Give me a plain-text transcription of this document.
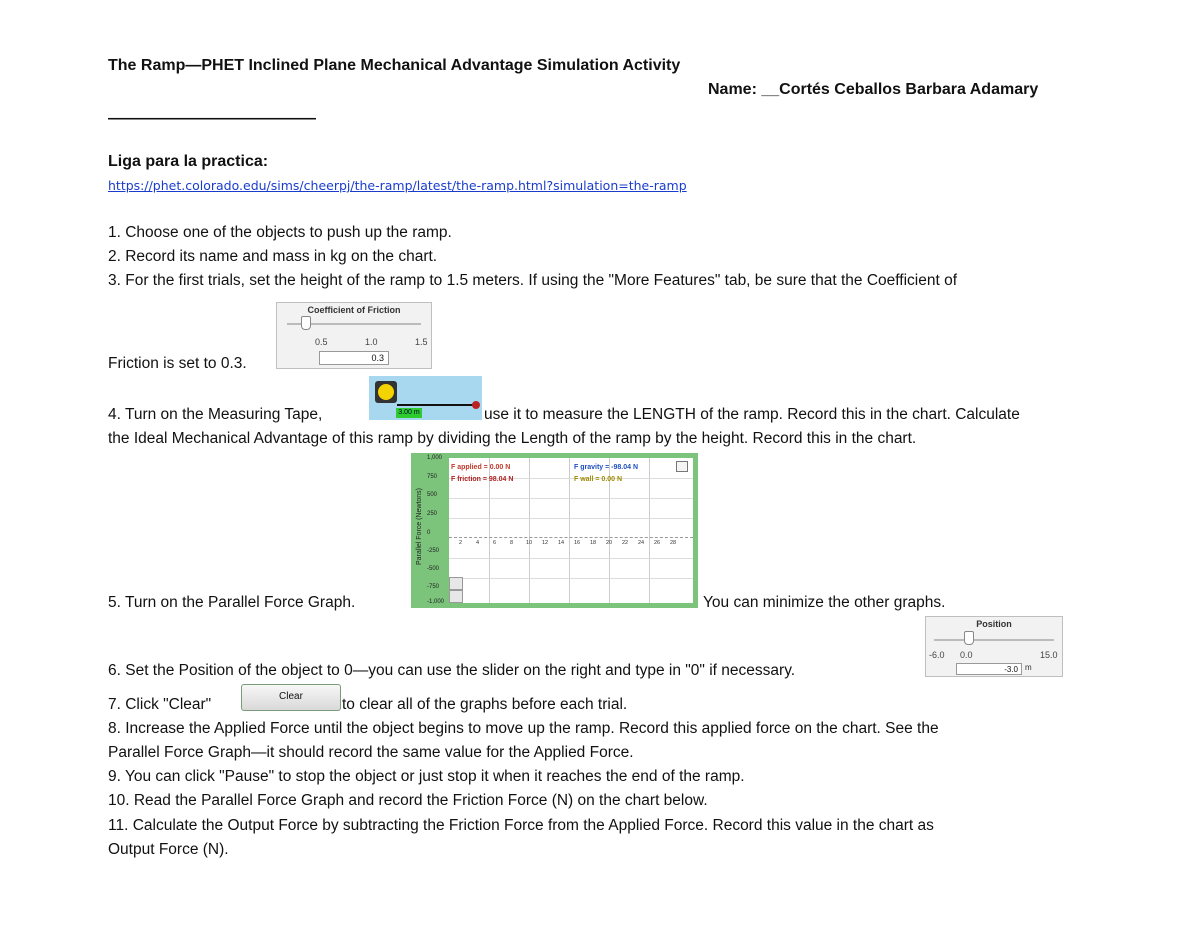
The Ramp—PHET Inclined Plane Mechanical Advantage Simulation Activity
Name: __Cortés Ceballos Barbara Adamary
—————————————
Liga para la practica:
https://phet.colorado.edu/sims/cheerpj/the-ramp/latest/the-ramp.html?simulation=the-ramp
1. Choose one of the objects to push up the ramp.
2. Record its name and mass in kg on the chart.
3. For the first trials, set the height of the ramp to 1.5 meters. If using the "More Features" tab, be sure that the Coefficient of
Coefficient of Friction
0.5	1.0	1.5
0.3
Friction is set to 0.3.
3.00 m
4. Turn on the Measuring Tape,	use it to measure the LENGTH of the ramp. Record this in the chart. Calculate
the Ideal Mechanical Advantage of this ramp by dividing the Length of the ramp by the height. Record this in the chart.
Parallel Force (Newtons)
1,000
750
500
250
0
-250
-500
-750
-1,000
F applied = 0.00 N
F friction = 98.04 N
F gravity = -98.04 N
F wall = 0.00 N
2	4	6	8 10 12 14 16 18 20 22 24 26 28
5. Turn on the Parallel Force Graph.	You can minimize the other graphs.
Position
-6.0 0.0	15.0
-3.0 m
6. Set the Position of the object to 0—you can use the slider on the right and type in "0" if necessary.
7. Click "Clear"	Clear	to clear all of the graphs before each trial.
8. Increase the Applied Force until the object begins to move up the ramp. Record this applied force on the chart. See the
Parallel Force Graph—it should record the same value for the Applied Force.
9. You can click "Pause" to stop the object or just stop it when it reaches the end of the ramp.
10. Read the Parallel Force Graph and record the Friction Force (N) on the chart below.
11. Calculate the Output Force by subtracting the Friction Force from the Applied Force. Record this value in the chart as
Output Force (N).
